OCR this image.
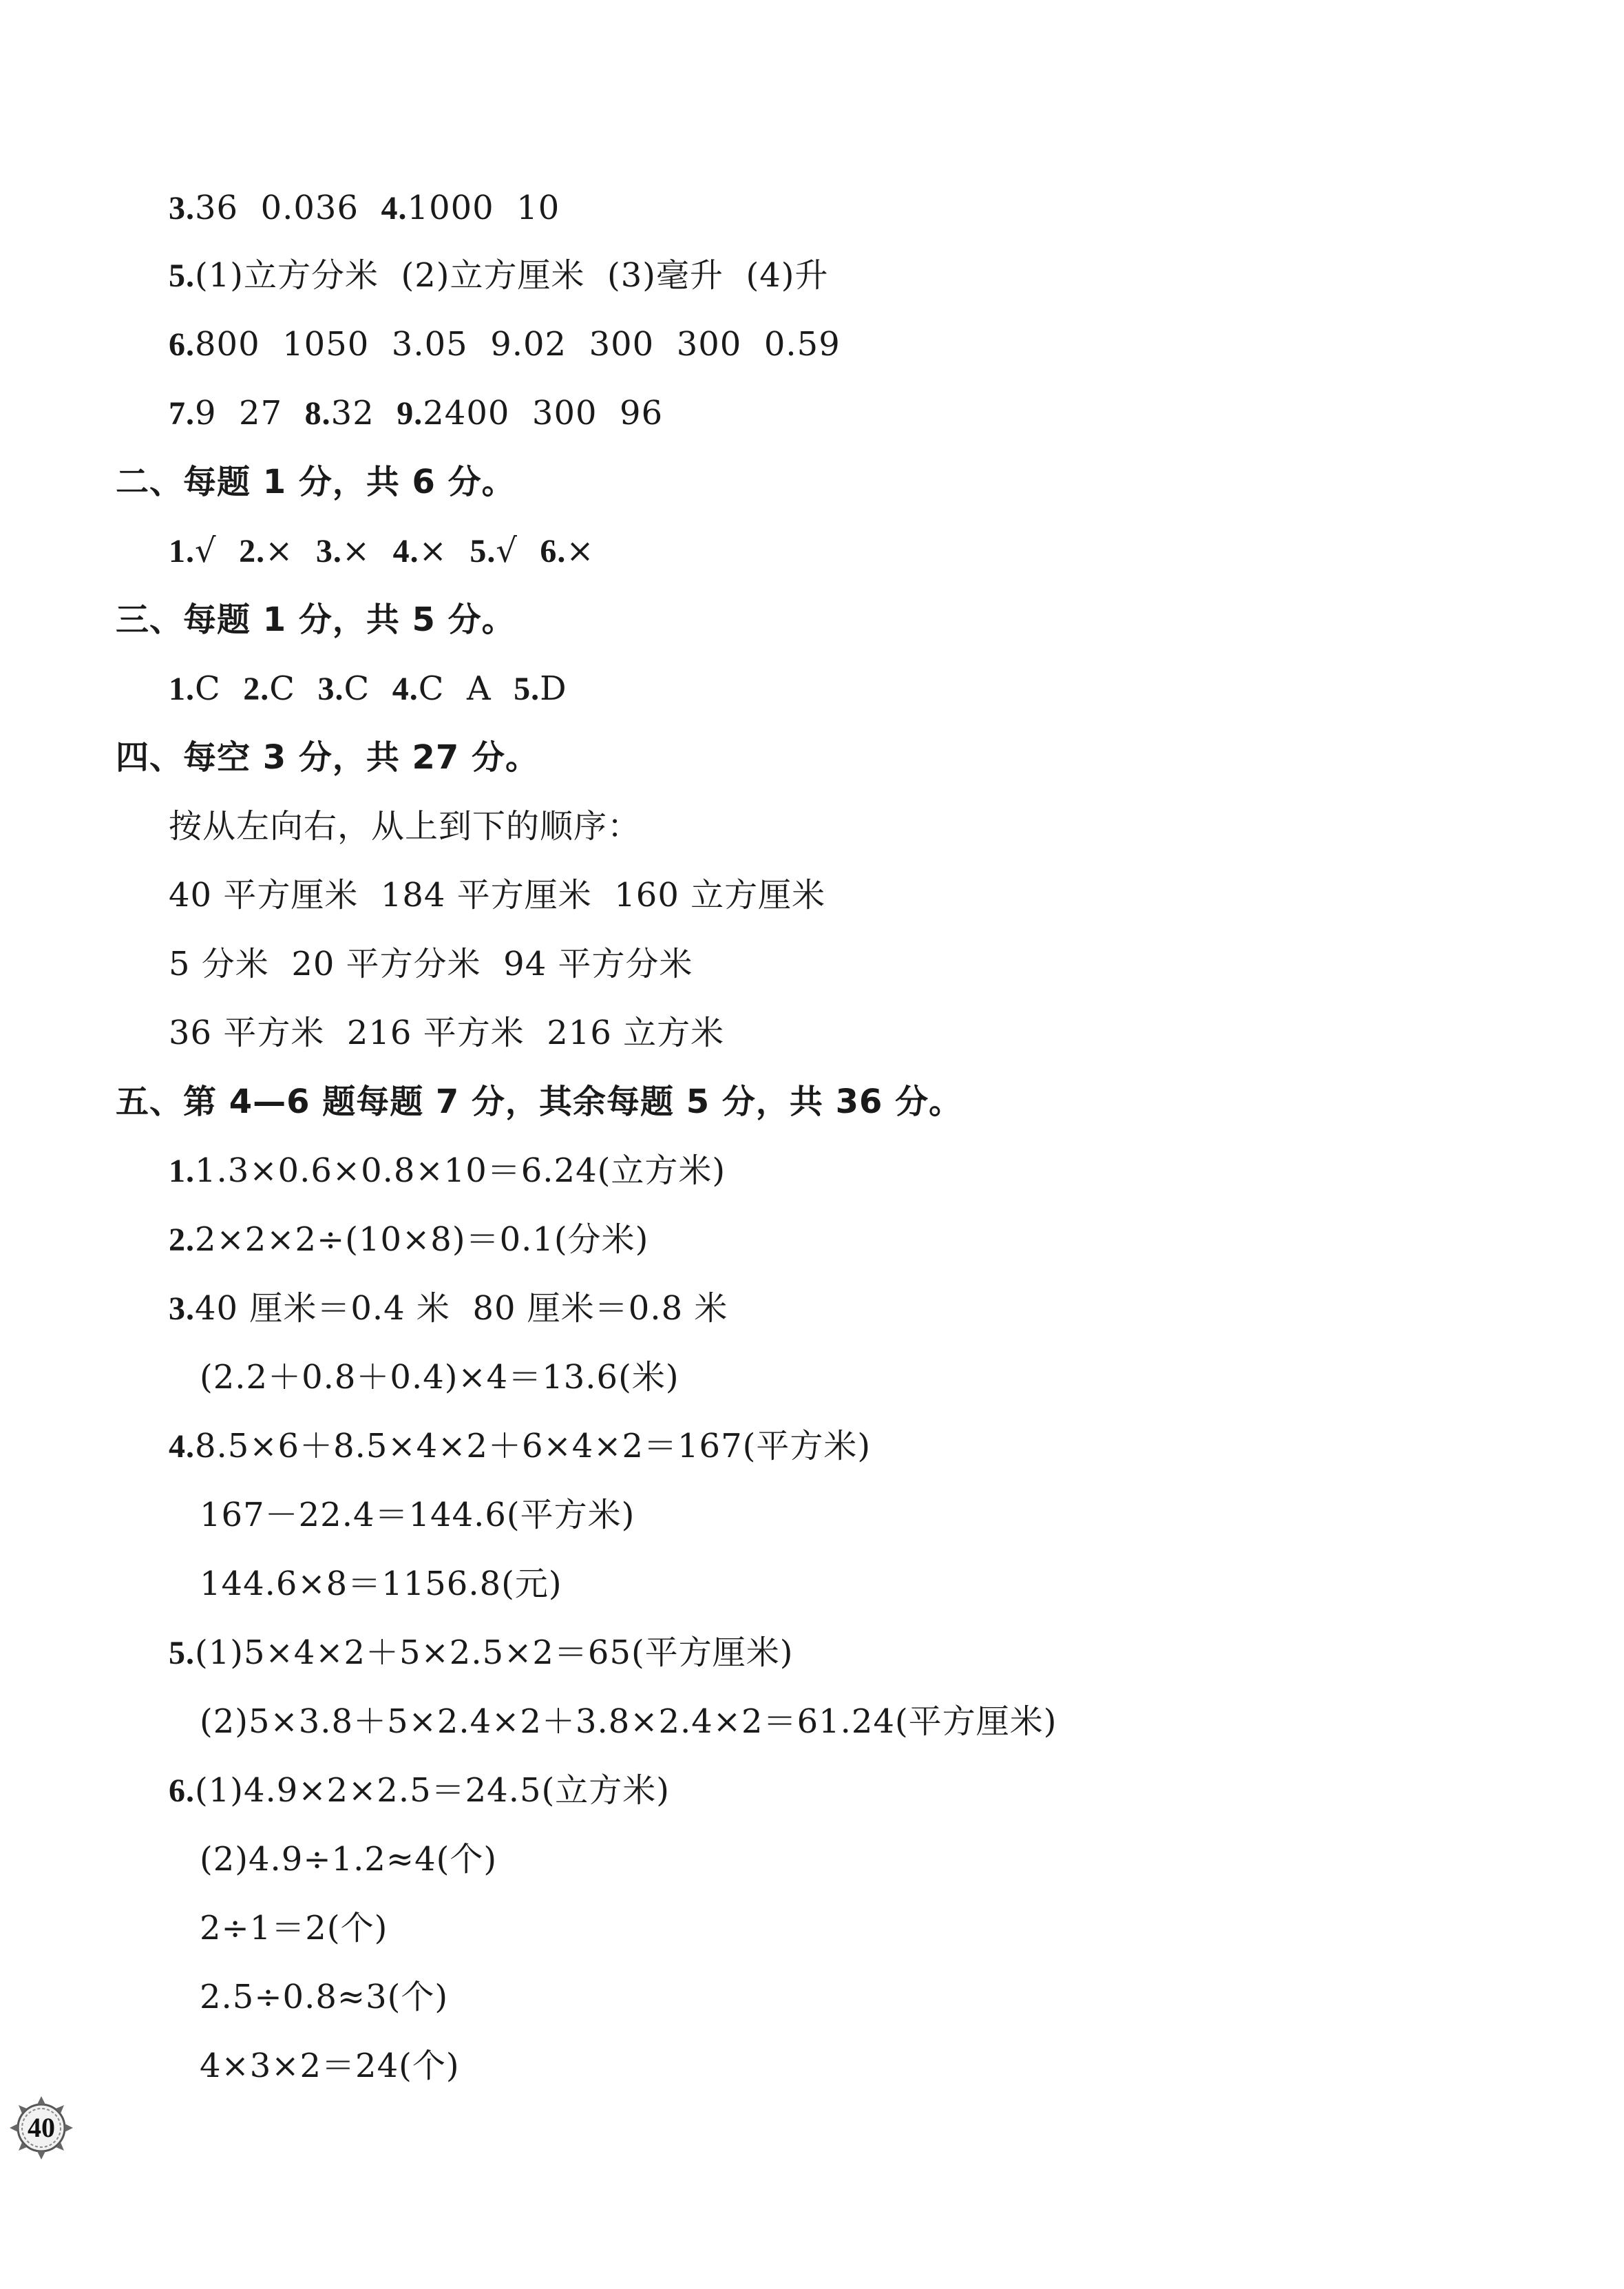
3.36  0.036  4.1000  10
5.(1)立方分米  (2)立方厘米  (3)毫升  (4)升
6.800  1050  3.05  9.02  300  300  0.59
7.9  27  8.32  9.2400  300  96
二、每题 1 分，共 6 分。
1.√  2.×  3.×  4.×  5.√  6.×
三、每题 1 分，共 5 分。
1.C  2.C  3.C  4.C  A  5.D
四、每空 3 分，共 27 分。
按从左向右，从上到下的顺序：
40 平方厘米  184 平方厘米  160 立方厘米
5 分米  20 平方分米  94 平方分米
36 平方米  216 平方米  216 立方米
五、第 4—6 题每题 7 分，其余每题 5 分，共 36 分。
1.1.3×0.6×0.8×10＝6.24(立方米)
2.2×2×2÷(10×8)＝0.1(分米)
3.40 厘米＝0.4 米  80 厘米＝0.8 米
(2.2＋0.8＋0.4)×4＝13.6(米)
4.8.5×6＋8.5×4×2＋6×4×2＝167(平方米)
167－22.4＝144.6(平方米)
144.6×8＝1156.8(元)
5.(1)5×4×2＋5×2.5×2＝65(平方厘米)
(2)5×3.8＋5×2.4×2＋3.8×2.4×2＝61.24(平方厘米)
6.(1)4.9×2×2.5＝24.5(立方米)
(2)4.9÷1.2≈4(个)
2÷1＝2(个)
2.5÷0.8≈3(个)
4×3×2＝24(个)
40
